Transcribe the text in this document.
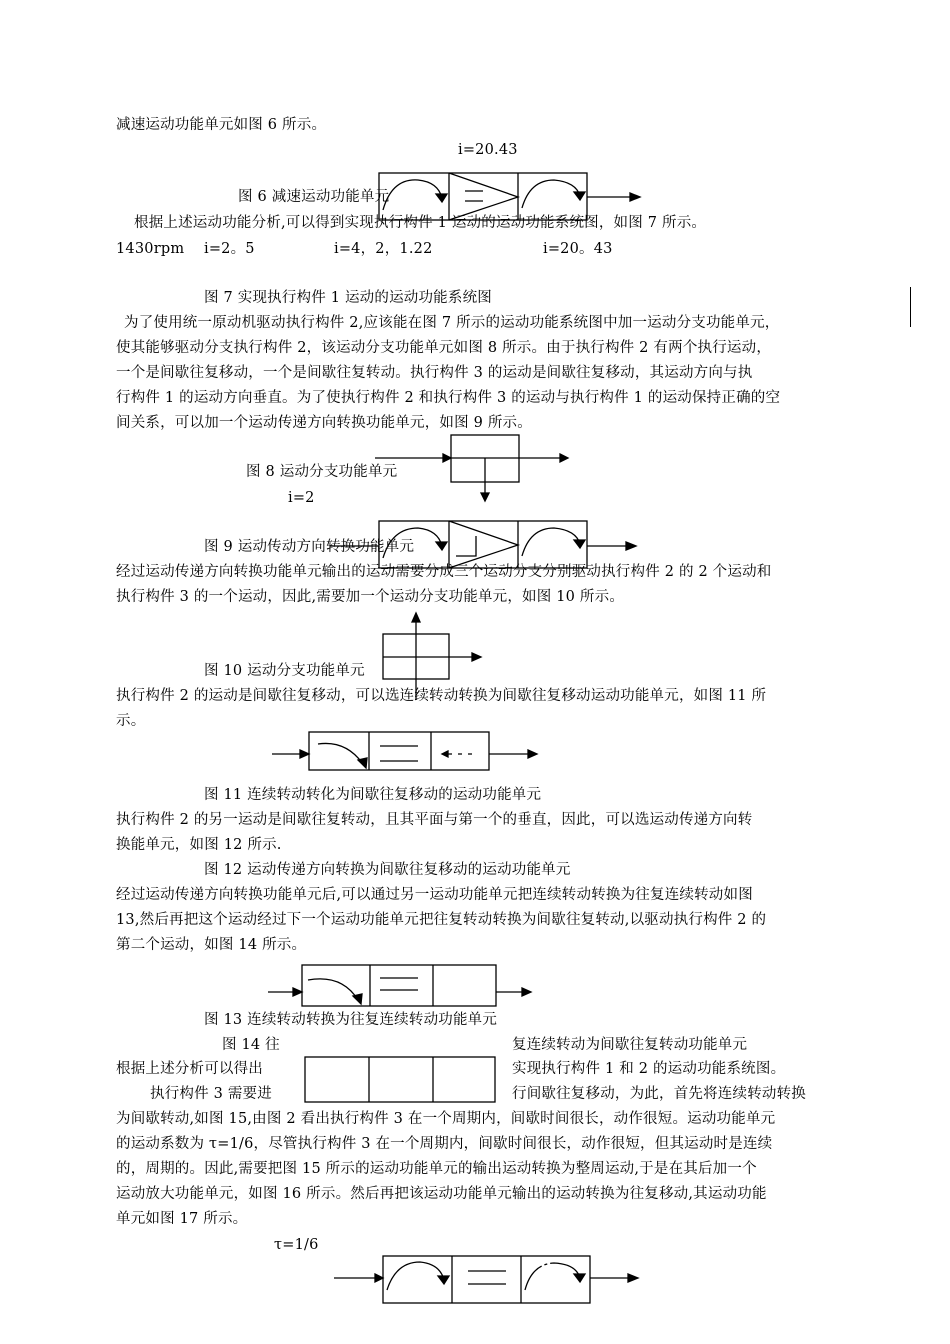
减速运动功能单元如图 6 所示。
i=20.43
图 6 减速运动功能单元
根据上述运动功能分析,可以得到实现执行构件 1 运动的运动功能系统图，如图 7 所示。
1430rpm i=2。5	i=4，2，1.22	i=20。43
图 7 实现执行构件 1 运动的运动功能系统图
为了使用统一原动机驱动执行构件 2,应该能在图 7 所示的运动功能系统图中加一运动分支功能单元，
使其能够驱动分支执行构件 2，该运动分支功能单元如图 8 所示。由于执行构件 2 有两个执行运动，
一个是间歇往复移动，一个是间歇往复转动。执行构件 3 的运动是间歇往复移动，其运动方向与执
行构件 1 的运动方向垂直。为了使执行构件 2 和执行构件 3 的运动与执行构件 1 的运动保持正确的空
间关系，可以加一个运动传递方向转换功能单元，如图 9 所示。
图 8 运动分支功能单元
i=2
图 9 运动传动方向转换功能单元
经过运动传递方向转换功能单元输出的运动需要分成三个运动分支分别驱动执行构件 2 的 2 个运动和
执行构件 3 的一个运动，因此,需要加一个运动分支功能单元，如图 10 所示。
图 10 运动分支功能单元
执行构件 2 的运动是间歇往复移动，可以选连续转动转换为间歇往复移动运动功能单元，如图 11 所
示。
图 11 连续转动转化为间歇往复移动的运动功能单元
执行构件 2 的另一运动是间歇往复转动，且其平面与第一个的垂直，因此，可以选运动传递方向转
换能单元，如图 12 所示.
图 12 运动传递方向转换为间歇往复移动的运动功能单元
经过运动传递方向转换功能单元后,可以通过另一运动功能单元把连续转动转换为往复连续转动如图
13,然后再把这个运动经过下一个运动功能单元把往复转动转换为间歇往复转动,以驱动执行构件 2 的
第二个运动，如图 14 所示。
图 13 连续转动转换为往复连续转动功能单元
图 14 往	复连续转动为间歇往复转动功能单元
根据上述分析可以得出	实现执行构件 1 和 2 的运动功能系统图。
执行构件 3 需要进	行间歇往复移动，为此，首先将连续转动转换
为间歇转动,如图 15,由图 2 看出执行构件 3 在一个周期内，间歇时间很长，动作很短。运动功能单元
的运动系数为 τ=1/6，尽管执行构件 3 在一个周期内，间歇时间很长，动作很短，但其运动时是连续
的，周期的。因此,需要把图 15 所示的运动功能单元的输出运动转换为整周运动,于是在其后加一个
运动放大功能单元，如图 16 所示。然后再把该运动功能单元输出的运动转换为往复移动,其运动功能
单元如图 17 所示。
τ=1/6
